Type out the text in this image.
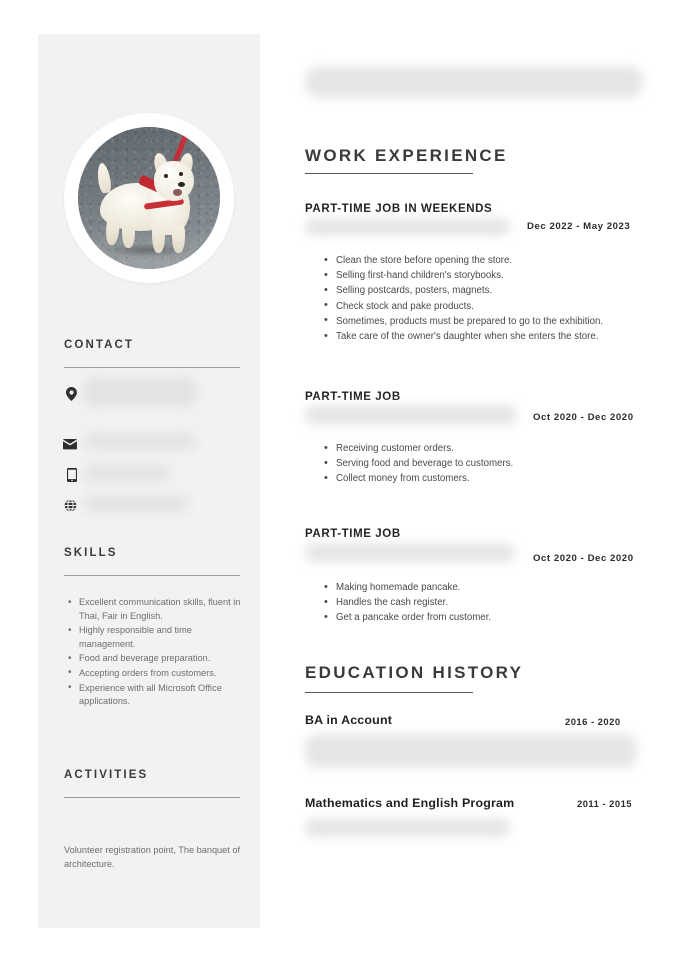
CONTACT
SKILLS
• Excellent communication skills, fluent in Thai, Fair in English.
• Highly responsible and time management.
• Food and beverage preparation.
• Accepting orders from customers.
• Experience with all Microsoft Office applications.
ACTIVITIES
Volunteer registration point, The banquet of architecture.
WORK EXPERIENCE
PART-TIME JOB IN WEEKENDS
Dec 2022 - May 2023
• Clean the store before opening the store.
• Selling first-hand children's storybooks.
• Selling postcards, posters, magnets.
• Check stock and pake products.
• Sometimes, products must be prepared to go to the exhibition.
• Take care of the owner's daughter when she enters the store.
PART-TIME JOB
Oct 2020 - Dec 2020
• Receiving customer orders.
• Serving food and beverage to customers.
• Collect money from customers.
PART-TIME JOB
Oct 2020 - Dec 2020
• Making homemade pancake.
• Handles the cash register.
• Get a pancake order from customer.
EDUCATION HISTORY
BA in Account	2016 - 2020
Mathematics and English Program	2011 - 2015
